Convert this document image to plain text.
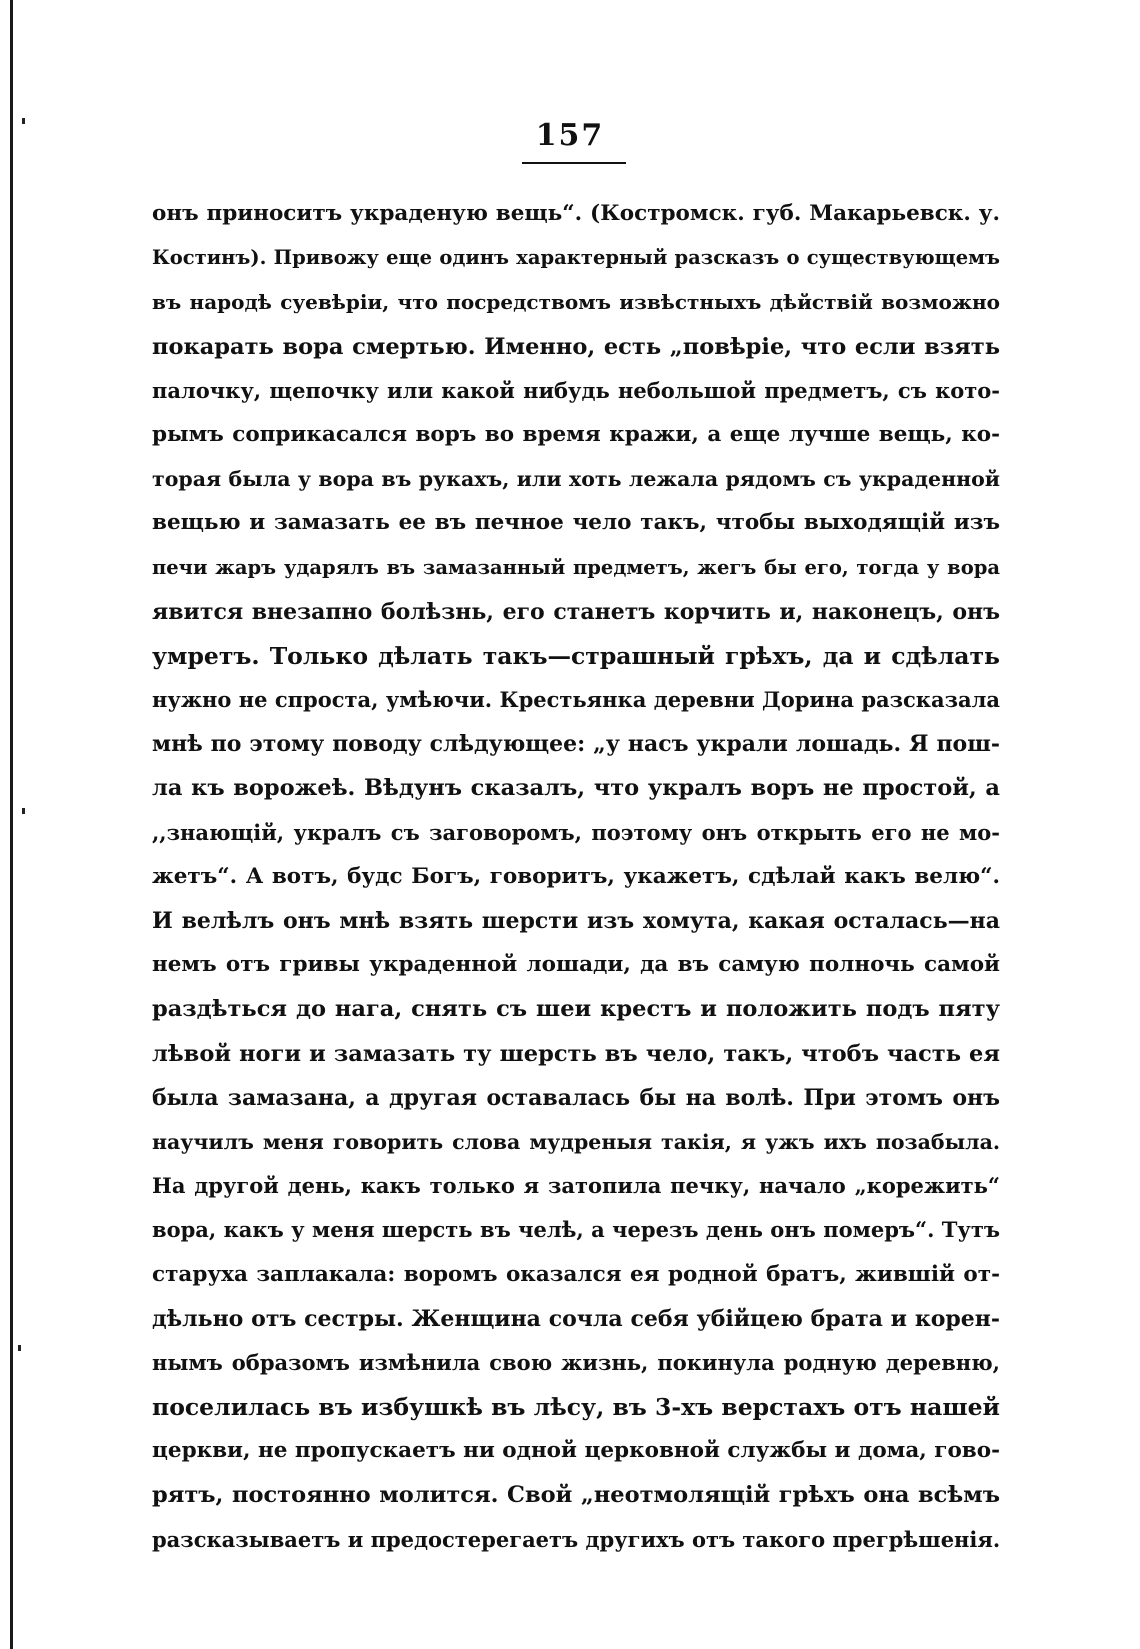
157
онъ приноситъ украденую вещь“. (Костромск. губ. Макарьевск. у.
Костинъ). Привожу еще одинъ характерный разсказъ о существующемъ
въ народѣ суевѣріи, что посредствомъ извѣстныхъ дѣйствій возможно
покарать вора смертью. Именно, есть „повѣріе, что если взять
палочку, щепочку или какой нибудь небольшой предметъ, съ кото-
рымъ соприкасался воръ во время кражи, а еще лучше вещь, ко-
торая была у вора въ рукахъ, или хоть лежала рядомъ съ украденной
вещью и замазать ее въ печное чело такъ, чтобы выходящій изъ
печи жаръ ударялъ въ замазанный предметъ, жегъ бы его, тогда у вора
явится внезапно болѣзнь, его станетъ корчить и, наконецъ, онъ
умретъ. Только дѣлать такъ—страшный грѣхъ, да и сдѣлать
нужно не спроста, умѣючи. Крестьянка деревни Дорина разсказала
мнѣ по этому поводу слѣдующее: „у насъ украли лошадь. Я пош-
ла къ ворожеѣ. Вѣдунъ сказалъ, что укралъ воръ не простой, а
,,знающій, укралъ съ заговоромъ, поэтому онъ открыть его не мо-
жетъ“. А вотъ, будс Богъ, говоритъ, укажетъ, сдѣлай какъ велю“.
И велѣлъ онъ мнѣ взять шерсти изъ хомута, какая осталась—на
немъ отъ гривы украденной лошади, да въ самую полночь самой
раздѣться до нага, снять съ шеи крестъ и положить подъ пяту
лѣвой ноги и замазать ту шерсть въ чело, такъ, чтобъ часть ея
была замазана, а другая оставалась бы на волѣ. При этомъ онъ
научилъ меня говорить слова мудреныя такія, я ужъ ихъ позабыла.
На другой день, какъ только я затопила печку, начало „корежить“
вора, какъ у меня шерсть въ челѣ, а черезъ день онъ померъ“. Тутъ
старуха заплакала: воромъ оказался ея родной братъ, жившій от-
дѣльно отъ сестры. Женщина сочла себя убійцею брата и корен-
нымъ образомъ измѣнила свою жизнь, покинула родную деревню,
поселилась въ избушкѣ въ лѣсу, въ 3-хъ верстахъ отъ нашей
церкви, не пропускаетъ ни одной церковной службы и дома, гово-
рятъ, постоянно молится. Свой „неотмолящій грѣхъ она всѣмъ
разсказываетъ и предостерегаетъ другихъ отъ такого прегрѣшенія.
